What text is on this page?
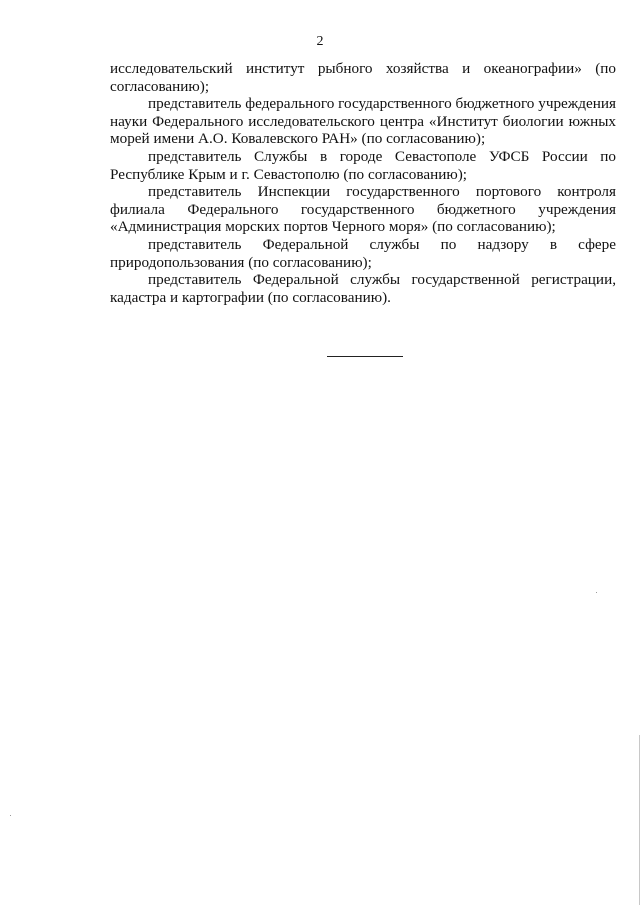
2

исследовательский институт рыбного хозяйства и океанографии» (по согласованию);

представитель федерального государственного бюджетного учреждения науки Федерального исследовательского центра «Институт биологии южных морей имени А.О. Ковалевского РАН» (по согласованию);

представитель Службы в городе Севастополе УФСБ России по Республике Крым и г. Севастополю (по согласованию);

представитель Инспекции государственного портового контроля филиала Федерального государственного бюджетного учреждения «Администрация морских портов Черного моря» (по согласованию);

представитель Федеральной службы по надзору в сфере природопользования (по согласованию);

представитель Федеральной службы государственной регистрации, кадастра и картографии (по согласованию).
